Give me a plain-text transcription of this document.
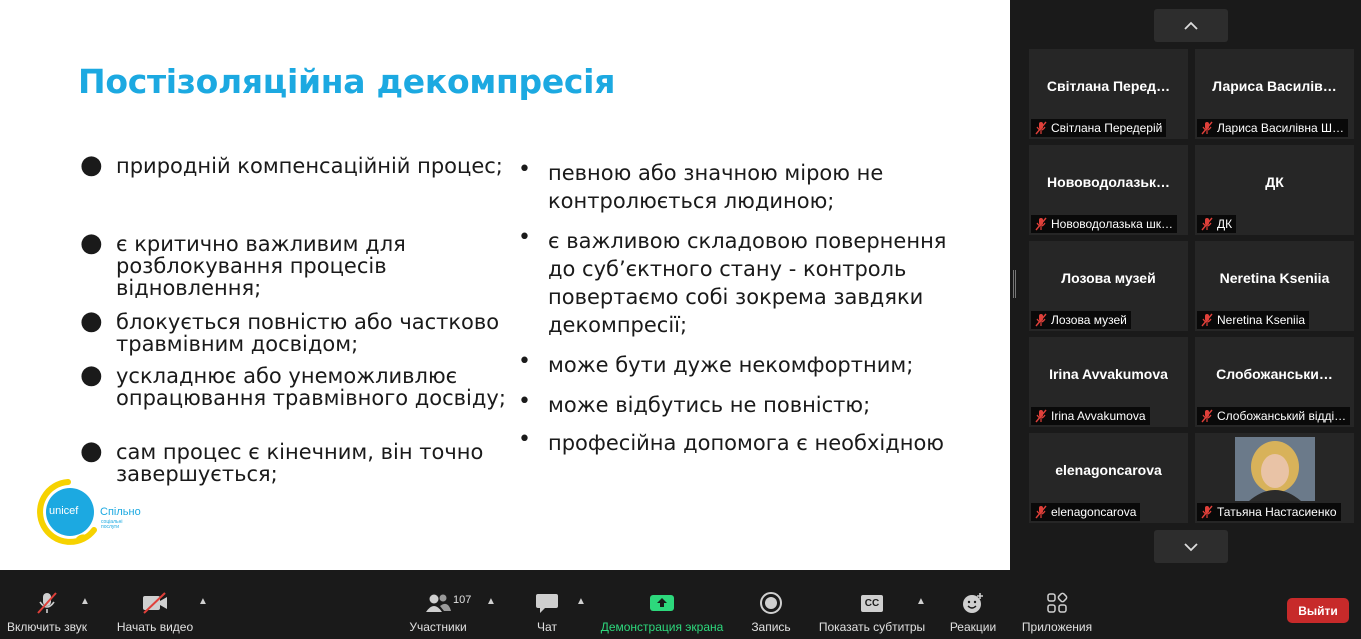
Постізоляційна декомпресія
● природній компенсаційній процес;
● є критично важливим для розблокування процесів відновлення;
● блокується повністю або частково травмівним досвідом;
● ускладнює або унеможливлює опрацювання травмівного досвіду;
● сам процес є кінечним, він точно завершується;
• певною або значною мірою не контролюється людиною;
• є важливою складовою повернення до суб’єктного стану - контроль повертаємо собі зокрема завдяки декомпресії;
• може бути дуже некомфортним;
• може відбутись не повністю;
• професійна допомога є необхідною
unicef Спільно
соціальні послуги
Світлана Перед…
Світлана Передерій
Лариса Василів…
Лариса Василівна Ш…
Нововодолазьк…
Нововодолазька шк…
ДК
ДК
Лозова музей
Лозова музей
Neretina Kseniia
Neretina Kseniia
Irina Avvakumova
Irina Avvakumova
Слобожанськи…
Слобожанський відді…
elenagoncarova
elenagoncarova	Татьяна Настасиенко
Включить звук
▲
Начать видео
▲
Участники
107 ▲
Чат
▲
Демонстрация экрана Запись
CC
Показать субтитры
▲
Реакции Приложения
Выйти
